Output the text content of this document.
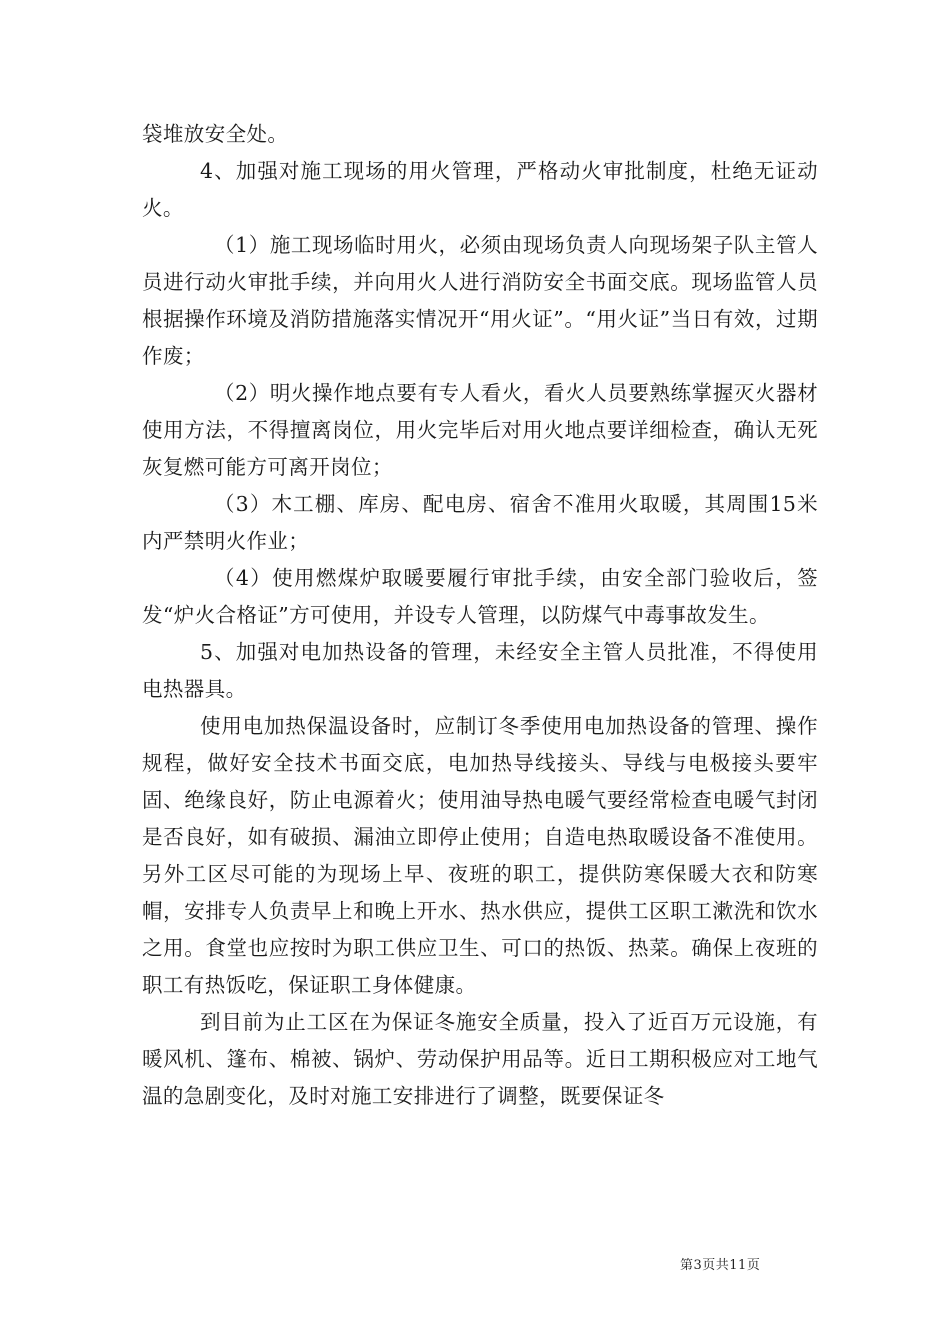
袋堆放安全处。

4、加强对施工现场的用火管理，严格动火审批制度，杜绝无证动火。

（1）施工现场临时用火，必须由现场负责人向现场架子队主管人员进行动火审批手续，并向用火人进行消防安全书面交底。现场监管人员根据操作环境及消防措施落实情况开“用火证”。“用火证”当日有效，过期作废；

（2）明火操作地点要有专人看火，看火人员要熟练掌握灭火器材使用方法，不得擅离岗位，用火完毕后对用火地点要详细检查，确认无死灰复燃可能方可离开岗位；

（3）木工棚、库房、配电房、宿舍不准用火取暖，其周围15米内严禁明火作业；

（4）使用燃煤炉取暖要履行审批手续，由安全部门验收后，签发“炉火合格证”方可使用，并设专人管理，以防煤气中毒事故发生。

5、加强对电加热设备的管理，未经安全主管人员批准，不得使用电热器具。

使用电加热保温设备时，应制订冬季使用电加热设备的管理、操作规程，做好安全技术书面交底，电加热导线接头、导线与电极接头要牢固、绝缘良好，防止电源着火；使用油导热电暖气要经常检查电暖气封闭是否良好，如有破损、漏油立即停止使用；自造电热取暖设备不准使用。另外工区尽可能的为现场上早、夜班的职工，提供防寒保暖大衣和防寒帽，安排专人负责早上和晚上开水、热水供应，提供工区职工漱洗和饮水之用。食堂也应按时为职工供应卫生、可口的热饭、热菜。确保上夜班的职工有热饭吃，保证职工身体健康。

到目前为止工区在为保证冬施安全质量，投入了近百万元设施，有暖风机、篷布、棉被、锅炉、劳动保护用品等。近日工期积极应对工地气温的急剧变化，及时对施工安排进行了调整，既要保证冬

第3页共11页
